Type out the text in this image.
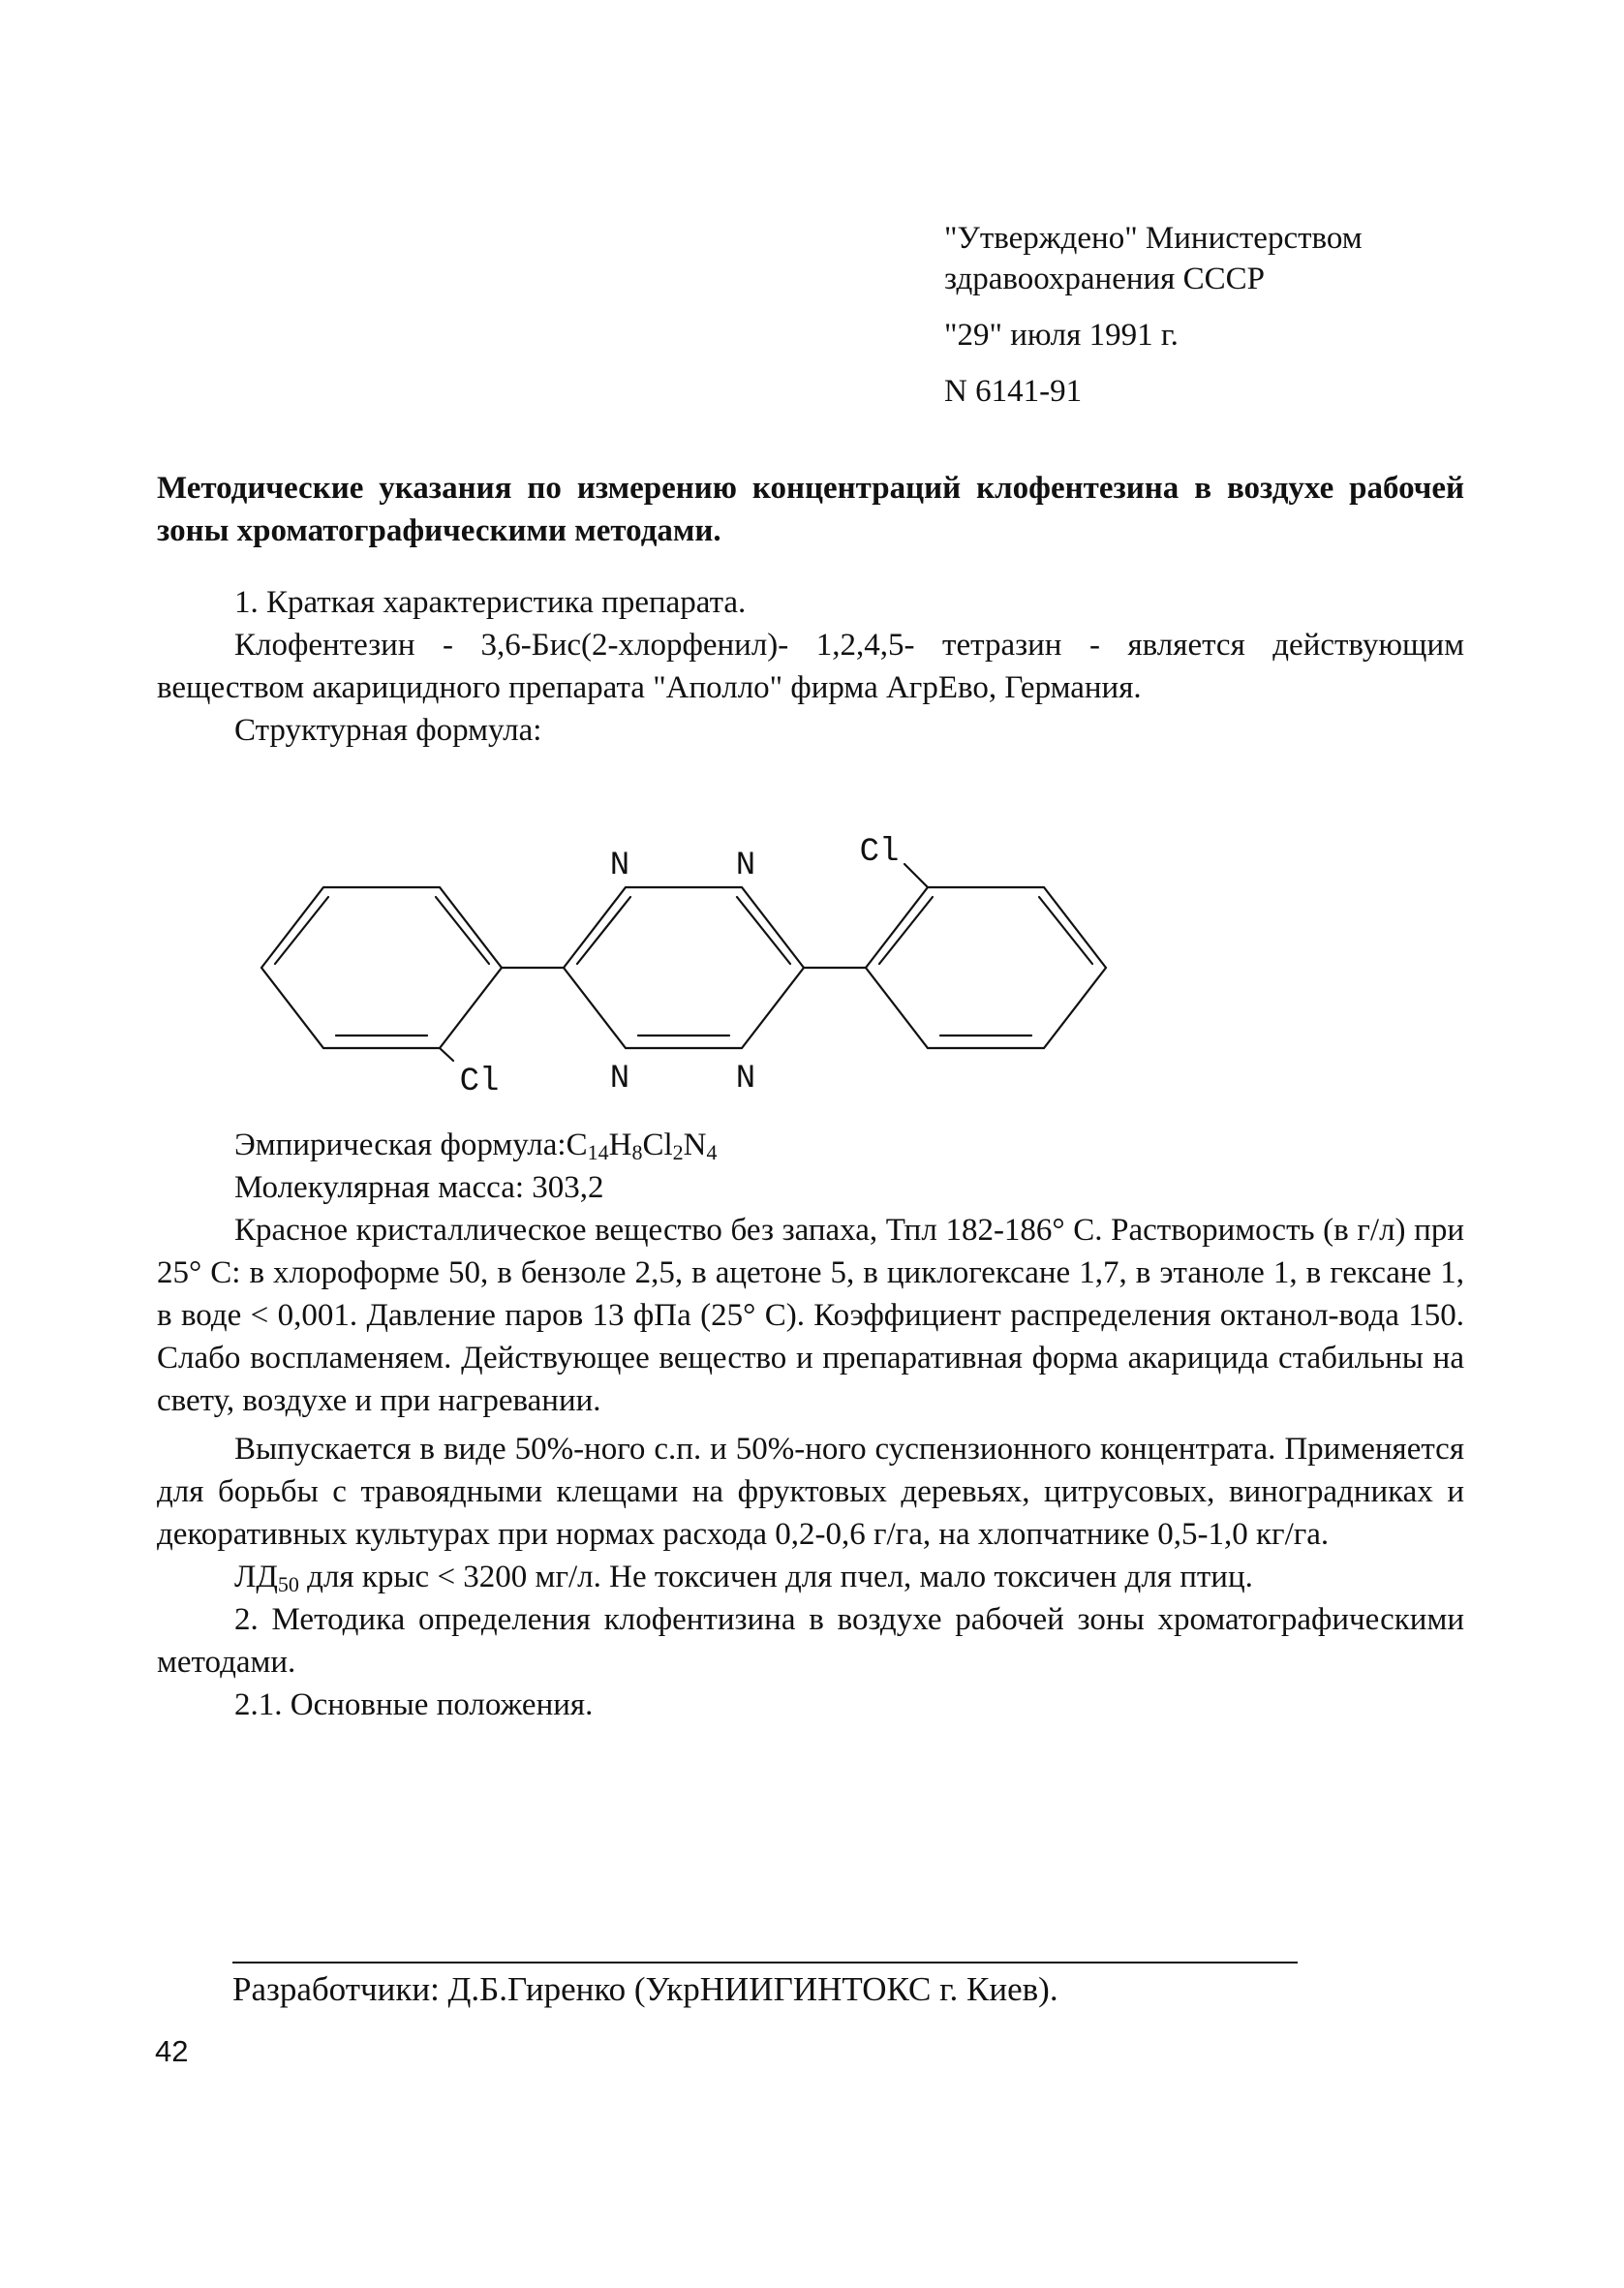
"Утверждено" Министерством
здравоохранения СССР
"29" июля 1991 г.
N 6141-91
Методические указания по измерению концентраций клофентезина в воздухе рабочей зоны хроматографическими методами.

1. Краткая характеристика препарата.

Клофентезин - 3,6-Бис(2-хлорфенил)- 1,2,4,5- тетразин - является действующим веществом акарицидного препарата "Аполло" фирма АгрЕво, Германия.

Структурная формула:

N	N
N	N
Cl
Cl

Эмпирическая $формула:C_{14}H_8Cl_2N_4$

Молекулярная масса: 303,2

Красное кристаллическое вещество без запаха, Тпл 182-186° С. Растворимость (в г/л) при 25° С: в хлороформе 50, в бензоле 2,5, в ацетоне 5, в циклогексане 1,7, в этаноле 1, в гексане 1, в воде < 0,001. Давление паров 13 фПа (25° С). Коэффициент распределения октанол-вода 150. Слабо воспламеняем. Действующее вещество и препаративная форма акарицида стабильны на свету, воздухе и при нагревании.

Выпускается в виде 50%-ного с.п. и 50%-ного суспензионного концентрата. Применяется для борьбы с травоядными клещами на фруктовых деревьях, цитрусовых, виноградниках и декоративных культурах при нормах расхода 0,2-0,6 г/га, на хлопчатнике 0,5-1,0 кг/га.

$ЛД_{50}$ для крыс < 3200 мг/л. Не токсичен для пчел, мало токсичен для птиц.

2. Методика определения клофентизина в воздухе рабочей зоны хроматографическими методами.

2.1. Основные положения.

Разработчики: Д.Б.Гиренко (УкрНИИГИНТОКС г. Киев).
42
